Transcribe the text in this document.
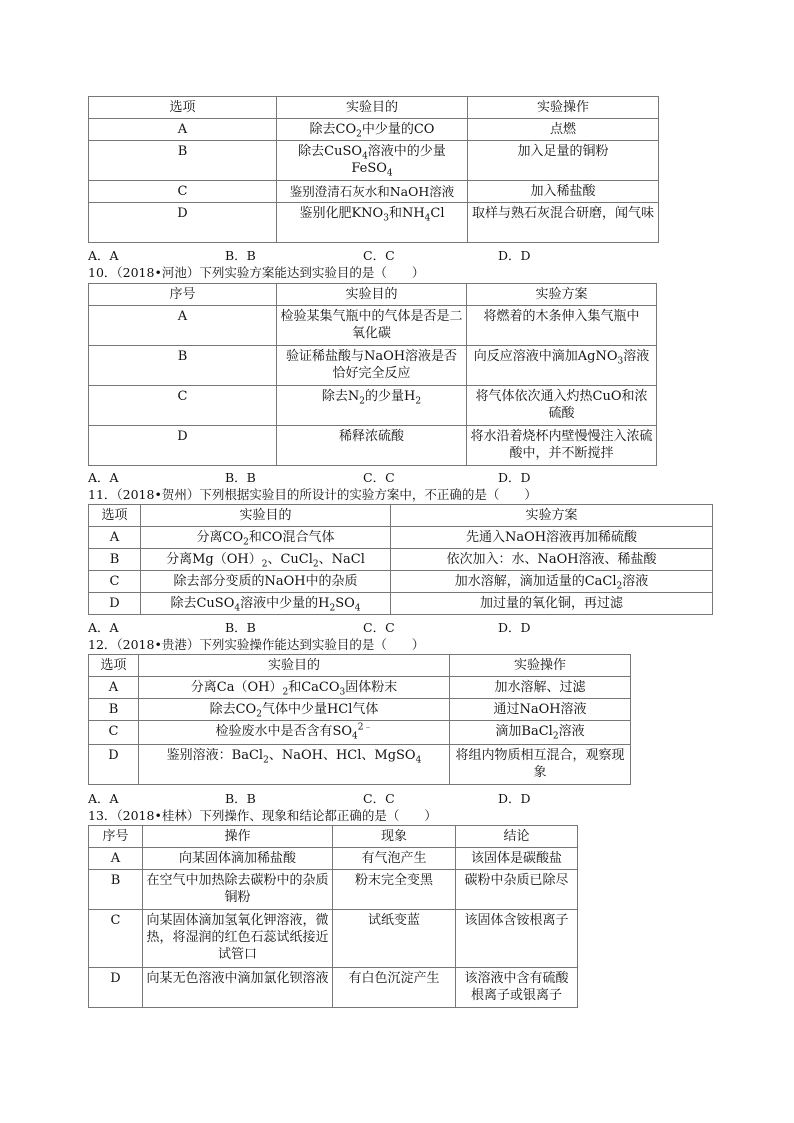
选项	实验目的	实验操作
A	除去$CO_2$中少量的CO	点燃
B	除去CuSO$_4$溶液中的少量FeSO$_4$	加入足量的铜粉
C	鉴别澄清石灰水和NaOH溶液	加入稀盐酸
D	鉴别化肥$KNO_3$和$NH_4Cl$	取样与熟石灰混合研磨，闻气味
A．A	B．B	C．C	D．D
10．（2018•河池）下列实验方案能达到实验目的是（　　）
序号	实验目的	实验方案
A	检验某集气瓶中的气体是否是二氧化碳	将燃着的木条伸入集气瓶中
B	验证稀盐酸与NaOH溶液是否恰好完全反应	向反应溶液中滴加AgNO$_3$溶液
C	除去$N_2$的少量$H_2$	将气体依次通入灼热CuO和浓硫酸
D	稀释浓硫酸	将水沿着烧杯内壁慢慢注入浓硫酸中，并不断搅拌
A．A	B．B	C．C	D．D
11．（2018•贺州）下列根据实验目的所设计的实验方案中，不正确的是（　　）
选项	实验目的	实验方案
A	分离$CO_2$和CO混合气体	先通入NaOH溶液再加稀硫酸
B	分离$Mg(OH)_2$、CuCl$_2$、NaCl	依次加入：水、NaOH溶液、稀盐酸
C	除去部分变质的NaOH中的杂质	加水溶解，滴加适量的CaCl$_2$溶液
D	除去CuSO$_4$溶液中少量的$H_2SO_4$	加过量的氧化铜，再过滤
A．A	B．B	C．C	D．D
12．（2018•贵港）下列实验操作能达到实验目的是（　　）
选项	实验目的	实验操作
A	分离$Ca(OH)_2$和CaCO$_3$固体粉末	加水溶解、过滤
B	除去$CO_2$气体中少量HCl气体	通过NaOH溶液
C	检验废水中是否含有$SO_4^{2﹣}$	滴加BaCl$_2$溶液
D	鉴别溶液：BaCl$_2$、NaOH、HCl、MgSO$_4$	将组内物质相互混合，观察现象
A．A	B．B	C．C	D．D
13．（2018•桂林）下列操作、现象和结论都正确的是（　　）
序号	操作	现象	结论
A	向某固体滴加稀盐酸	有气泡产生	该固体是碳酸盐
B	在空气中加热除去碳粉中的杂质铜粉	粉末完全变黑	碳粉中杂质已除尽
C	向某固体滴加氢氧化钾溶液，微热，将湿润的红色石蕊试纸接近试管口	试纸变蓝	该固体含铵根离子
D	向某无色溶液中滴加氯化钡溶液	有白色沉淀产生	该溶液中含有硫酸根离子或银离子
